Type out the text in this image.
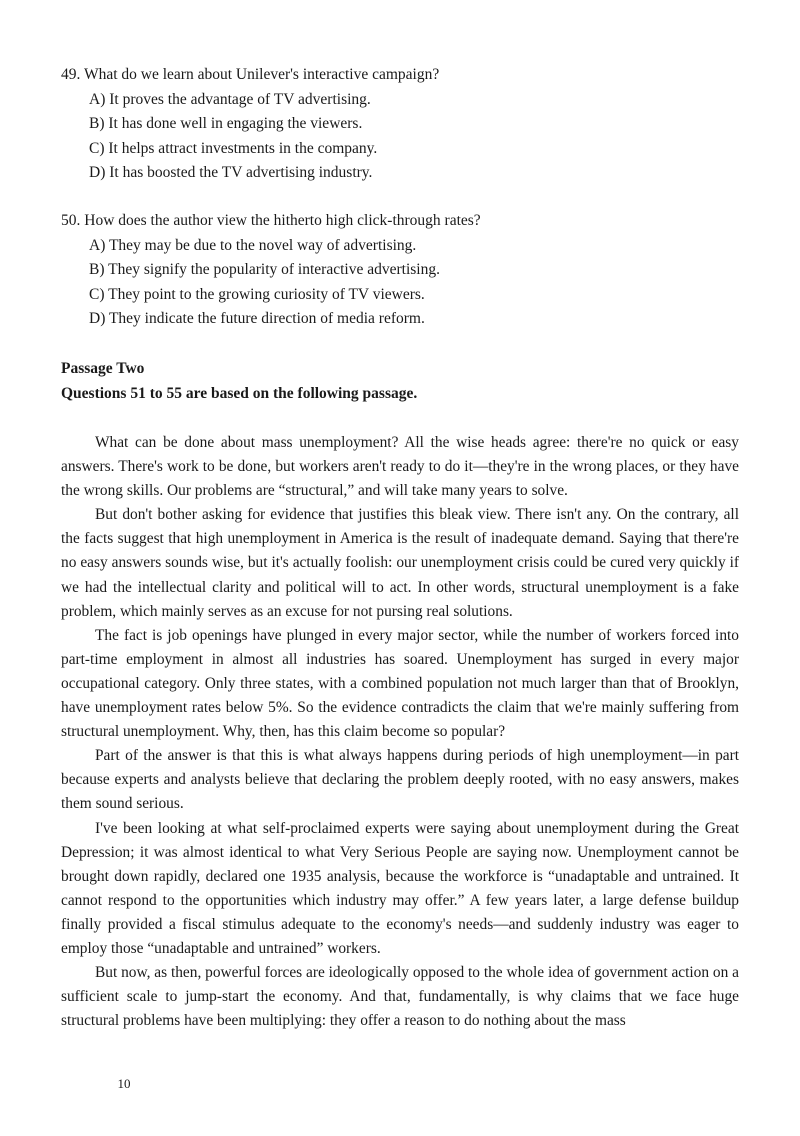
49. What do we learn about Unilever's interactive campaign?
A) It proves the advantage of TV advertising.
B) It has done well in engaging the viewers.
C) It helps attract investments in the company.
D) It has boosted the TV advertising industry.
50. How does the author view the hitherto high click-through rates?
A) They may be due to the novel way of advertising.
B) They signify the popularity of interactive advertising.
C) They point to the growing curiosity of TV viewers.
D) They indicate the future direction of media reform.
Passage Two
Questions 51 to 55 are based on the following passage.

What can be done about mass unemployment? All the wise heads agree: there're no quick or easy answers. There's work to be done, but workers aren't ready to do it—they're in the wrong places, or they have the wrong skills. Our problems are “structural,” and will take many years to solve.

But don't bother asking for evidence that justifies this bleak view. There isn't any. On the contrary, all the facts suggest that high unemployment in America is the result of inadequate demand. Saying that there're no easy answers sounds wise, but it's actually foolish: our unemployment crisis could be cured very quickly if we had the intellectual clarity and political will to act. In other words, structural unemployment is a fake problem, which mainly serves as an excuse for not pursing real solutions.

The fact is job openings have plunged in every major sector, while the number of workers forced into part-time employment in almost all industries has soared. Unemployment has surged in every major occupational category. Only three states, with a combined population not much larger than that of Brooklyn, have unemployment rates below 5%. So the evidence contradicts the claim that we're mainly suffering from structural unemployment. Why, then, has this claim become so popular?

Part of the answer is that this is what always happens during periods of high unemployment—in part because experts and analysts believe that declaring the problem deeply rooted, with no easy answers, makes them sound serious.

I've been looking at what self-proclaimed experts were saying about unemployment during the Great Depression; it was almost identical to what Very Serious People are saying now. Unemployment cannot be brought down rapidly, declared one 1935 analysis, because the workforce is “unadaptable and untrained. It cannot respond to the opportunities which industry may offer.” A few years later, a large defense buildup finally provided a fiscal stimulus adequate to the economy's needs—and suddenly industry was eager to employ those “unadaptable and untrained” workers.

But now, as then, powerful forces are ideologically opposed to the whole idea of government action on a sufficient scale to jump-start the economy. And that, fundamentally, is why claims that we face huge structural problems have been multiplying: they offer a reason to do nothing about the mass

10
